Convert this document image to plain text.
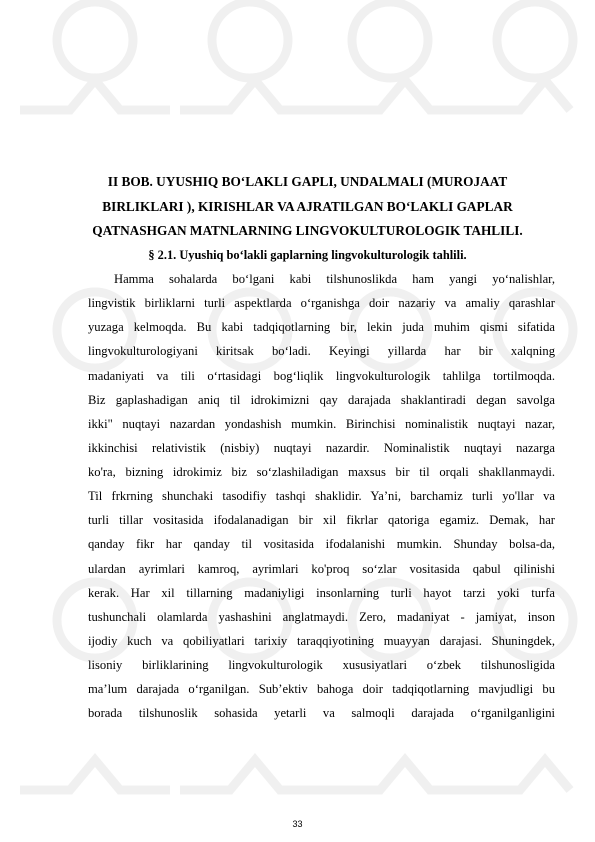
II BOB. UYUSHIQ BO‘LAKLI GAPLI, UNDALMALI (MUROJAAT
BIRLIKLARI ), KIRISHLAR VA AJRATILGAN BO‘LAKLI GAPLAR
QATNASHGAN MATNLARNING LINGVOKULTUROLOGIK TAHLILI.
§ 2.1. Uyushiq bo‘lakli gaplarning lingvokulturologik tahlili.
Hamma sohalarda bo‘lgani kabi tilshunoslikda ham yangi yo‘nalishlar,
lingvistik birliklarni turli aspektlarda o‘rganishga doir nazariy va amaliy qarashlar
yuzaga kelmoqda. Bu kabi tadqiqotlarning bir, lekin juda muhim qismi sifatida
lingvokulturologiyani kiritsak bo‘ladi. Keyingi yillarda har bir xalqning
madaniyati va tili o‘rtasidagi bog‘liqlik lingvokulturologik tahlilga tortilmoqda.
Biz gaplashadigan aniq til idrokimizni qay darajada shaklantiradi degan savolga
ikki" nuqtayi nazardan yondashish mumkin. Birinchisi nominalistik nuqtayi nazar,
ikkinchisi relativistik (nisbiy) nuqtayi nazardir. Nominalistik nuqtayi nazarga
ko'ra, bizning idrokimiz biz so‘zlashiladigan maxsus bir til orqali shakllanmaydi.
Til frkrning shunchaki tasodifiy tashqi shaklidir. Ya’ni, barchamiz turli yo'llar va
turli tillar vositasida ifodalanadigan bir xil fikrlar qatoriga egamiz. Demak, har
qanday fikr har qanday til vositasida ifodalanishi mumkin. Shunday bolsa-da,
ulardan ayrimlari kamroq, ayrimlari ko'proq so‘zlar vositasida qabul qilinishi
kerak. Har xil tillarning madaniyligi insonlarning turli hayot tarzi yoki turfa
tushunchali olamlarda yashashini anglatmaydi. Zero, madaniyat - jamiyat, inson
ijodiy kuch va qobiliyatlari tarixiy taraqqiyotining muayyan darajasi. Shuningdek,
lisoniy birliklarining lingvokulturologik xususiyatlari o‘zbek tilshunosligida
ma’lum darajada o‘rganilgan. Sub’ektiv bahoga doir tadqiqotlarning mavjudligi bu
borada tilshunoslik sohasida yetarli va salmoqli darajada o‘rganilganligini
33
